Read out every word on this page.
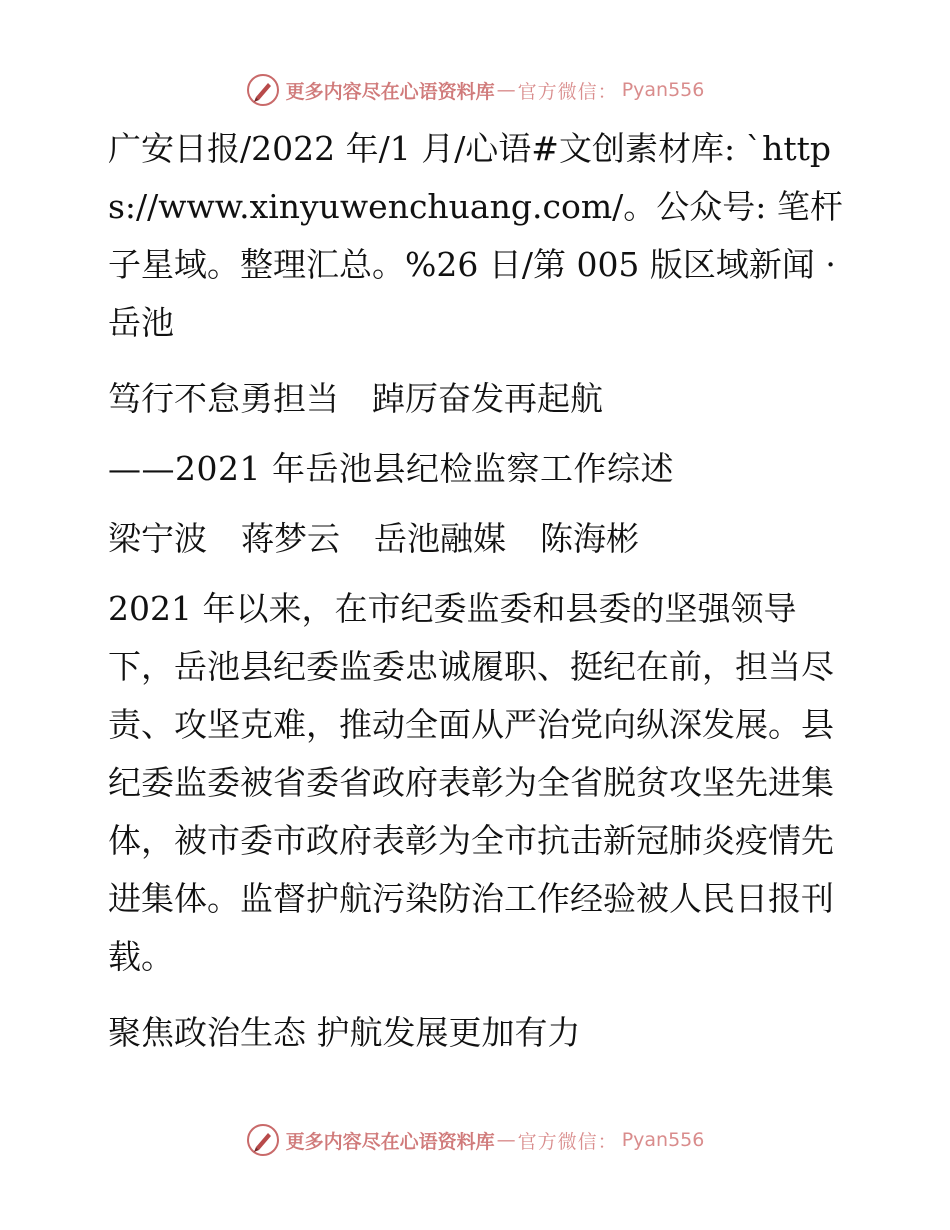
更多内容尽在心语资料库 — 官方微信： Pyan556

广安日报/2022 年/1 月/心语#文创素材库: `https://www.xinyuwenchuang.com/。公众号: 笔杆子星域。整理汇总。%26 日/第 005 版区域新闻 · 岳池

笃行不怠勇担当　踔厉奋发再起航

——2021 年岳池县纪检监察工作综述

梁宁波 蒋梦云 岳池融媒 陈海彬

2021 年以来，在市纪委监委和县委的坚强领导下，岳池县纪委监委忠诚履职、挺纪在前，担当尽责、攻坚克难，推动全面从严治党向纵深发展。县纪委监委被省委省政府表彰为全省脱贫攻坚先进集体，被市委市政府表彰为全市抗击新冠肺炎疫情先进集体。监督护航污染防治工作经验被人民日报刊载。

聚焦政治生态 护航发展更加有力

更多内容尽在心语资料库 — 官方微信： Pyan556
